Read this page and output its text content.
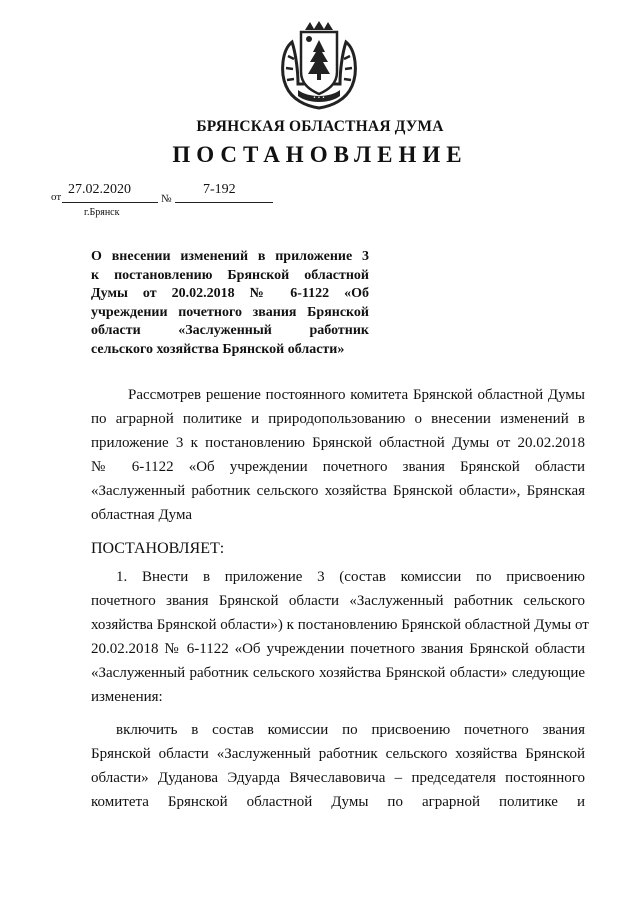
• • •
БРЯНСКАЯ ОБЛАСТНАЯ ДУМА
ПОСТАНОВЛЕНИЕ
от 27.02.2020
№
7-192
г.Брянск
О внесении изменений в приложение 3
к постановлению Брянской областной
Думы от 20.02.2018 № 6-1122 «Об
учреждении почетного звания Брянской
области «Заслуженный работник
сельского хозяйства Брянской области»
Рассмотрев решение постоянного комитета Брянской областной Думы
по аграрной политике и природопользованию о внесении изменений в
приложение 3 к постановлению Брянской областной Думы от 20.02.2018
№ 6-1122 «Об учреждении почетного звания Брянской области
«Заслуженный работник сельского хозяйства Брянской области», Брянская
областная Дума
ПОСТАНОВЛЯЕТ:
1. Внести в приложение 3 (состав комиссии по присвоению
почетного звания Брянской области «Заслуженный работник сельского
хозяйства Брянской области») к постановлению Брянской областной Думы от
20.02.2018 № 6-1122 «Об учреждении почетного звания Брянской области
«Заслуженный работник сельского хозяйства Брянской области» следующие
изменения:
включить в состав комиссии по присвоению почетного звания
Брянской области «Заслуженный работник сельского хозяйства Брянской
области» Дуданова Эдуарда Вячеславовича – председателя постоянного
комитета Брянской областной Думы по аграрной политике и
